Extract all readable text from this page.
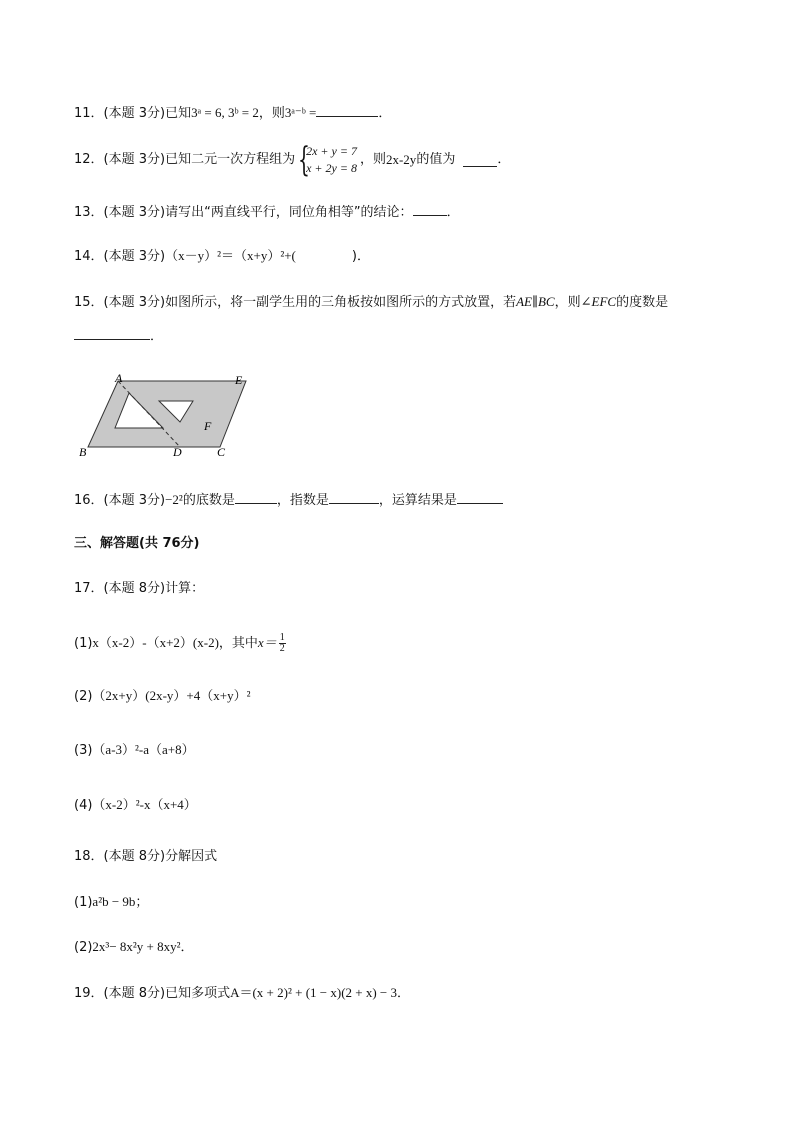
11．(本题 3分)已知3ᵃ = 6, 3ᵇ = 2，则3ᵃ⁻ᵇ =	．
12．(本题 3分)已知二元一次方程组为 {
2x + y = 7
x + 2y = 8
，则2x-2y的值为	．
13．(本题 3分)请写出“两直线平行，同位角相等”的结论：	．
14．(本题 3分)（x－y）²＝（x+y）²+(	)．
15．(本题 3分)如图所示，将一副学生用的三角板按如图所示的方式放置，若AE∥BC，则∠EFC的度数是
．
A	E
B	D	C
F
16．(本题 3分)−2²的底数是	，指数是	，运算结果是
三、解答题(共 76分)
17．(本题 8分)计算：
(1)x（x-2）-（x+2）(x-2)，其中$x= \frac{1}{2}$
(2)（2x+y）(2x-y）+4（x+y）²
(3)（a-3）²-a（a+8）
(4)（x-2）²-x（x+4）
18．(本题 8分)分解因式
(1)a²b − 9b；
(2)2x³− 8x²y + 8xy²．
19．(本题 8分)已知多项式A＝(x + 2)² + (1 − x)(2 + x) − 3．
